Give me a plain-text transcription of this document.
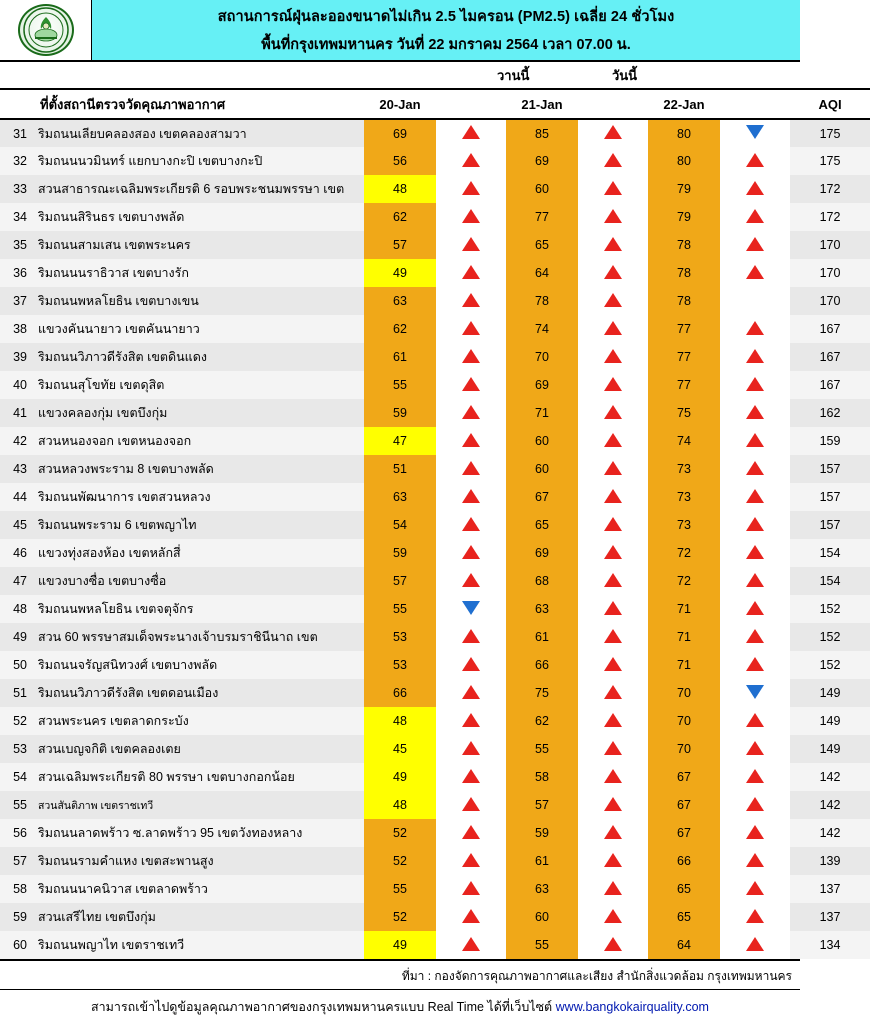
สถานการณ์ฝุ่นละอองขนาดไม่เกิน 2.5 ไมครอน (PM2.5) เฉลี่ย 24 ชั่วโมง
พื้นที่กรุงเทพมหานคร วันที่ 22 มกราคม 2564 เวลา 07.00 น.
วานนี้	วันนี้
	ที่ตั้งสถานีตรวจวัดคุณภาพอากาศ	20-Jan		21-Jan		22-Jan		AQI
31	ริมถนนเลียบคลองสอง เขตคลองสามวา	69		85		80		175
32	ริมถนนนวมินทร์ แยกบางกะปิ เขตบางกะปิ	56		69		80		175
33	สวนสาธารณะเฉลิมพระเกียรติ 6 รอบพระชนมพรรษา เขต	48		60		79		172
34	ริมถนนสิรินธร เขตบางพลัด	62		77		79		172
35	ริมถนนสามเสน เขตพระนคร	57		65		78		170
36	ริมถนนนราธิวาส เขตบางรัก	49		64		78		170
37	ริมถนนพหลโยธิน เขตบางเขน	63		78		78		170
38	แขวงคันนายาว เขตคันนายาว	62		74		77		167
39	ริมถนนวิภาวดีรังสิต เขตดินแดง	61		70		77		167
40	ริมถนนสุโขทัย เขตดุสิต	55		69		77		167
41	แขวงคลองกุ่ม เขตบึงกุ่ม	59		71		75		162
42	สวนหนองจอก เขตหนองจอก	47		60		74		159
43	สวนหลวงพระราม 8 เขตบางพลัด	51		60		73		157
44	ริมถนนพัฒนาการ เขตสวนหลวง	63		67		73		157
45	ริมถนนพระราม 6 เขตพญาไท	54		65		73		157
46	แขวงทุ่งสองห้อง เขตหลักสี่	59		69		72		154
47	แขวงบางซื่อ เขตบางซื่อ	57		68		72		154
48	ริมถนนพหลโยธิน เขตจตุจักร	55		63		71		152
49	สวน 60 พรรษาสมเด็จพระนางเจ้าบรมราชินีนาถ เขต	53		61		71		152
50	ริมถนนจรัญสนิทวงศ์ เขตบางพลัด	53		66		71		152
51	ริมถนนวิภาวดีรังสิต เขตดอนเมือง	66		75		70		149
52	สวนพระนคร เขตลาดกระบัง	48		62		70		149
53	สวนเบญจกิติ เขตคลองเตย	45		55		70		149
54	สวนเฉลิมพระเกียรติ 80 พรรษา เขตบางกอกน้อย	49		58		67		142
55	สวนสันติภาพ เขตราชเทวี	48		57		67		142
56	ริมถนนลาดพร้าว ซ.ลาดพร้าว 95 เขตวังทองหลาง	52		59		67		142
57	ริมถนนรามคำแหง เขตสะพานสูง	52		61		66		139
58	ริมถนนนาคนิวาส เขตลาดพร้าว	55		63		65		137
59	สวนเสรีไทย เขตบึงกุ่ม	52		60		65		137
60	ริมถนนพญาไท เขตราชเทวี	49		55		64		134
ที่มา : กองจัดการคุณภาพอากาศและเสียง สำนักสิ่งแวดล้อม กรุงเทพมหานคร
สามารถเข้าไปดูข้อมูลคุณภาพอากาศของกรุงเทพมหานครแบบ Real Time ได้ที่เว็บไซต์ www.bangkokairquality.com
